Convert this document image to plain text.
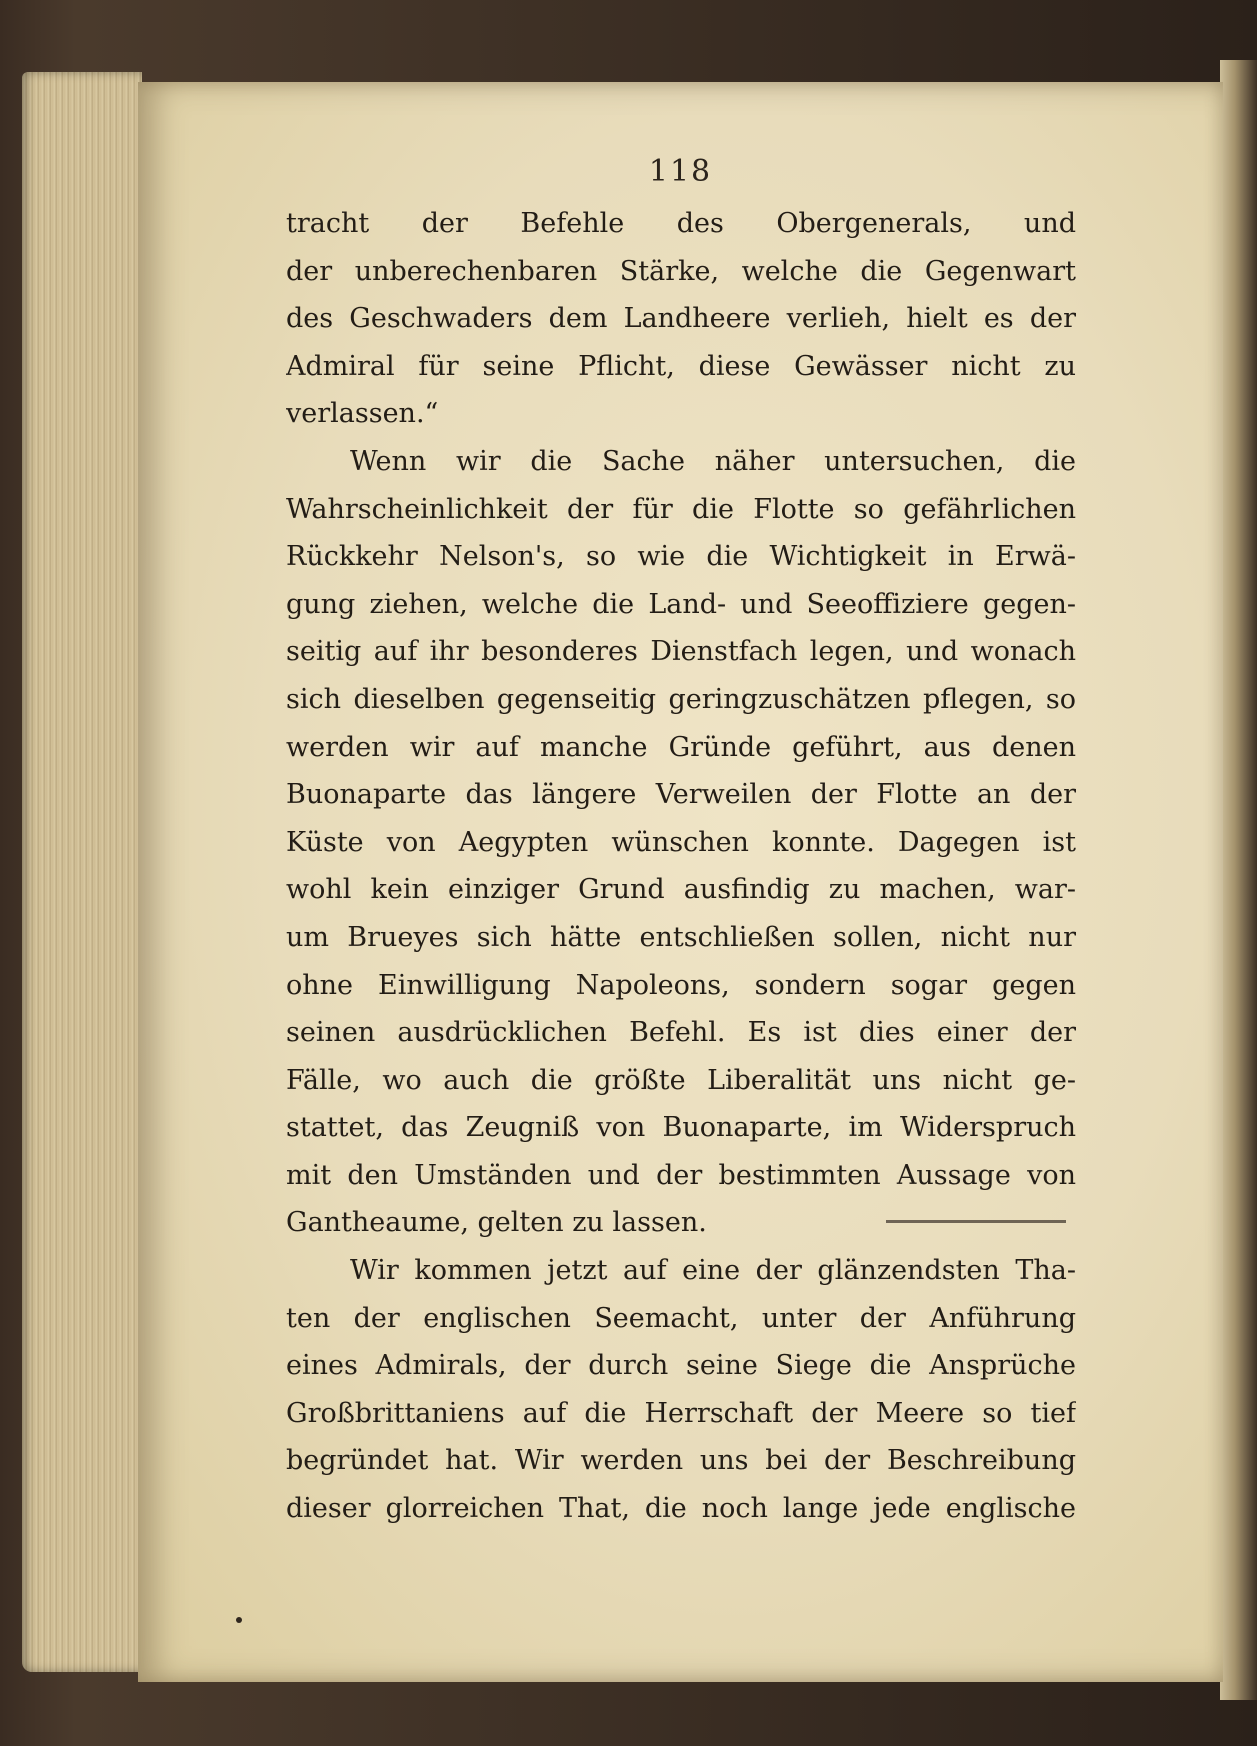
118
tracht der Befehle des Obergenerals, und
der unberechenbaren Stärke, welche die Gegenwart
des Geschwaders dem Landheere verlieh, hielt es der
Admiral für seine Pflicht, diese Gewässer nicht zu
verlassen.“
Wenn wir die Sache näher untersuchen, die
Wahrscheinlichkeit der für die Flotte so gefährlichen
Rückkehr Nelson's, so wie die Wichtigkeit in Erwä-
gung ziehen, welche die Land- und Seeoffiziere gegen-
seitig auf ihr besonderes Dienstfach legen, und wonach
sich dieselben gegenseitig geringzuschätzen pflegen, so
werden wir auf manche Gründe geführt, aus denen
Buonaparte das längere Verweilen der Flotte an der
Küste von Aegypten wünschen konnte. Dagegen ist
wohl kein einziger Grund ausfindig zu machen, war-
um Brueyes sich hätte entschließen sollen, nicht nur
ohne Einwilligung Napoleons, sondern sogar gegen
seinen ausdrücklichen Befehl. Es ist dies einer der
Fälle, wo auch die größte Liberalität uns nicht ge-
stattet, das Zeugniß von Buonaparte, im Widerspruch
mit den Umständen und der bestimmten Aussage von
Gantheaume, gelten zu lassen.
Wir kommen jetzt auf eine der glänzendsten Tha-
ten der englischen Seemacht, unter der Anführung
eines Admirals, der durch seine Siege die Ansprüche
Großbrittaniens auf die Herrschaft der Meere so tief
begründet hat. Wir werden uns bei der Beschreibung
dieser glorreichen That, die noch lange jede englische
